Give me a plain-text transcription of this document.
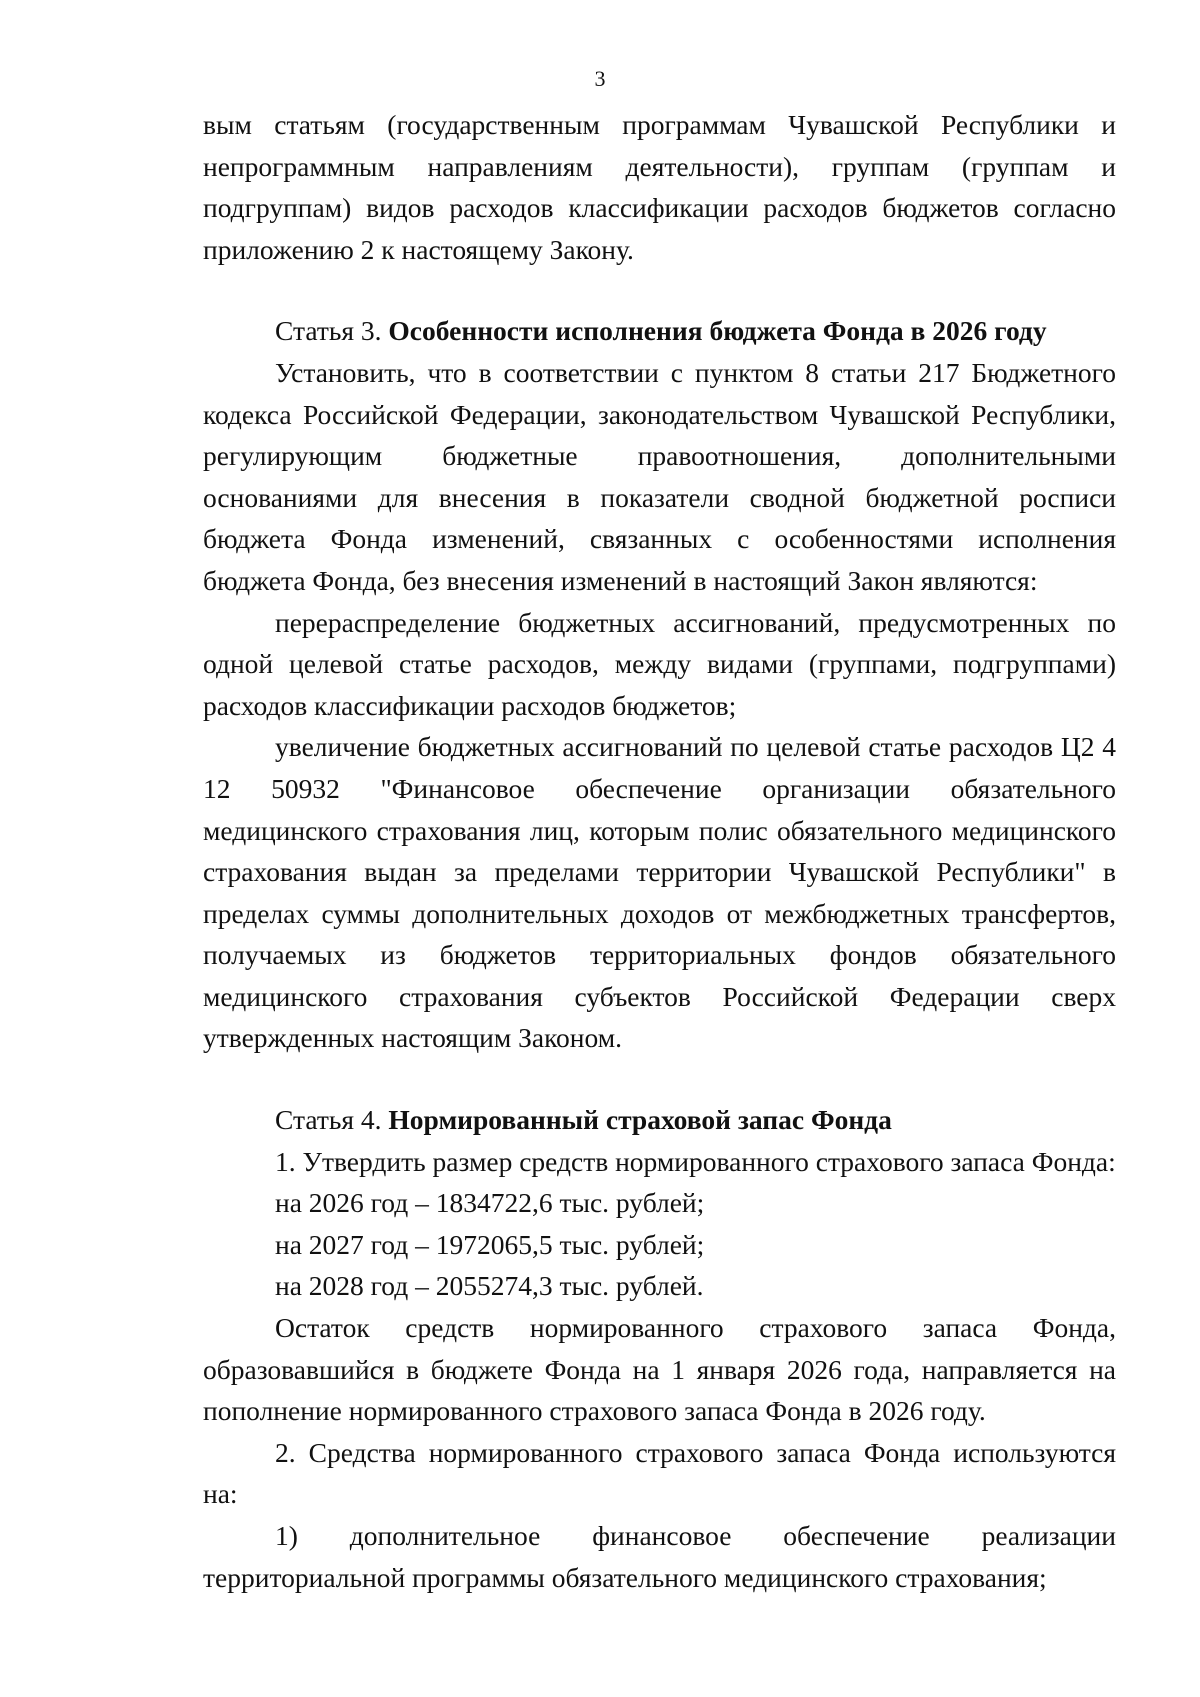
3

вым статьям (государственным программам Чувашской Республики и непрограммным направлениям деятельности), группам (группам и подгруппам) видов расходов классификации расходов бюджетов согласно приложению 2 к настоящему Закону.

Статья 3. Особенности исполнения бюджета Фонда в 2026 году

Установить, что в соответствии с пунктом 8 статьи 217 Бюджетного кодекса Российской Федерации, законодательством Чувашской Республики, регулирующим бюджетные правоотношения, дополнительными основаниями для внесения в показатели сводной бюджетной росписи бюджета Фонда изменений, связанных с особенностями исполнения бюджета Фонда, без внесения изменений в настоящий Закон являются:

перераспределение бюджетных ассигнований, предусмотренных по одной целевой статье расходов, между видами (группами, подгруппами) расходов классификации расходов бюджетов;

увеличение бюджетных ассигнований по целевой статье расходов Ц2 4 12 50932 "Финансовое обеспечение организации обязательного медицинского страхования лиц, которым полис обязательного медицинского страхования выдан за пределами территории Чувашской Республики" в пределах суммы дополнительных доходов от межбюджетных трансфертов, получаемых из бюджетов территориальных фондов обязательного медицинского страхования субъектов Российской Федерации сверх утвержденных настоящим Законом.

Статья 4. Нормированный страховой запас Фонда

1. Утвердить размер средств нормированного страхового запаса Фонда:

на 2026 год – 1834722,6 тыс. рублей;

на 2027 год – 1972065,5 тыс. рублей;

на 2028 год – 2055274,3 тыс. рублей.

Остаток средств нормированного страхового запаса Фонда, образовавшийся в бюджете Фонда на 1 января 2026 года, направляется на пополнение нормированного страхового запаса Фонда в 2026 году.

2. Средства нормированного страхового запаса Фонда используются на:

1) дополнительное финансовое обеспечение реализации территориальной программы обязательного медицинского страхования;
